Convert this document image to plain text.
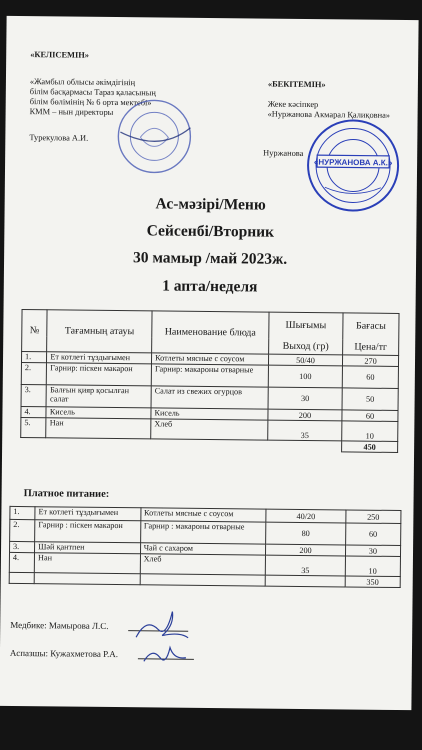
«КЕЛІСЕМІН»
«Жамбыл облысы әкімдігінің
білім басқармасы Тараз қаласының
білім бөлімінің № 6 орта мектебі»
КММ – нын директоры
Турекулова А.И.
«БЕКІТЕМІН»
Жеке кәсіпкер
«Нуржанова Акмарал Қалиқовна»
Нуржанова
«НУРЖАНОВА А.К.»
Ас-мәзірі/Меню
Сейсенбі/Вторник
30 мамыр /май 2023ж.
1 апта/неделя
№	Тағамның атауы	Наименование блюда	Шығымы	Бағасы
			Выход (гр)	Цена/тг
1.	Ет котлеті тұздығымен	Котлеты мясные с соусом	50/40	270
2.	Гарнир: піскен макарон	Гарнир: макароны отварные	100	60
3.	Балғын қияр қосылған салат	Салат из свежих огурцов	30	50
4.	Кисель	Кисель	200	60
5.	Нан	Хлеб	35	10
				450
Платное питание:
1.	Ет котлеті тұздығымен	Котлеты мясные с соусом	40/20	250
2.	Гарнир : піскен макарон	Гарнир : макароны отварные	80	60
3.	Шәй қантпен	Чай с сахаром	200	30
4.	Нан	Хлеб	35	10
				350
Медбике: Мамырова Л.С.
Аспазшы: Кужахметова Р.А.
